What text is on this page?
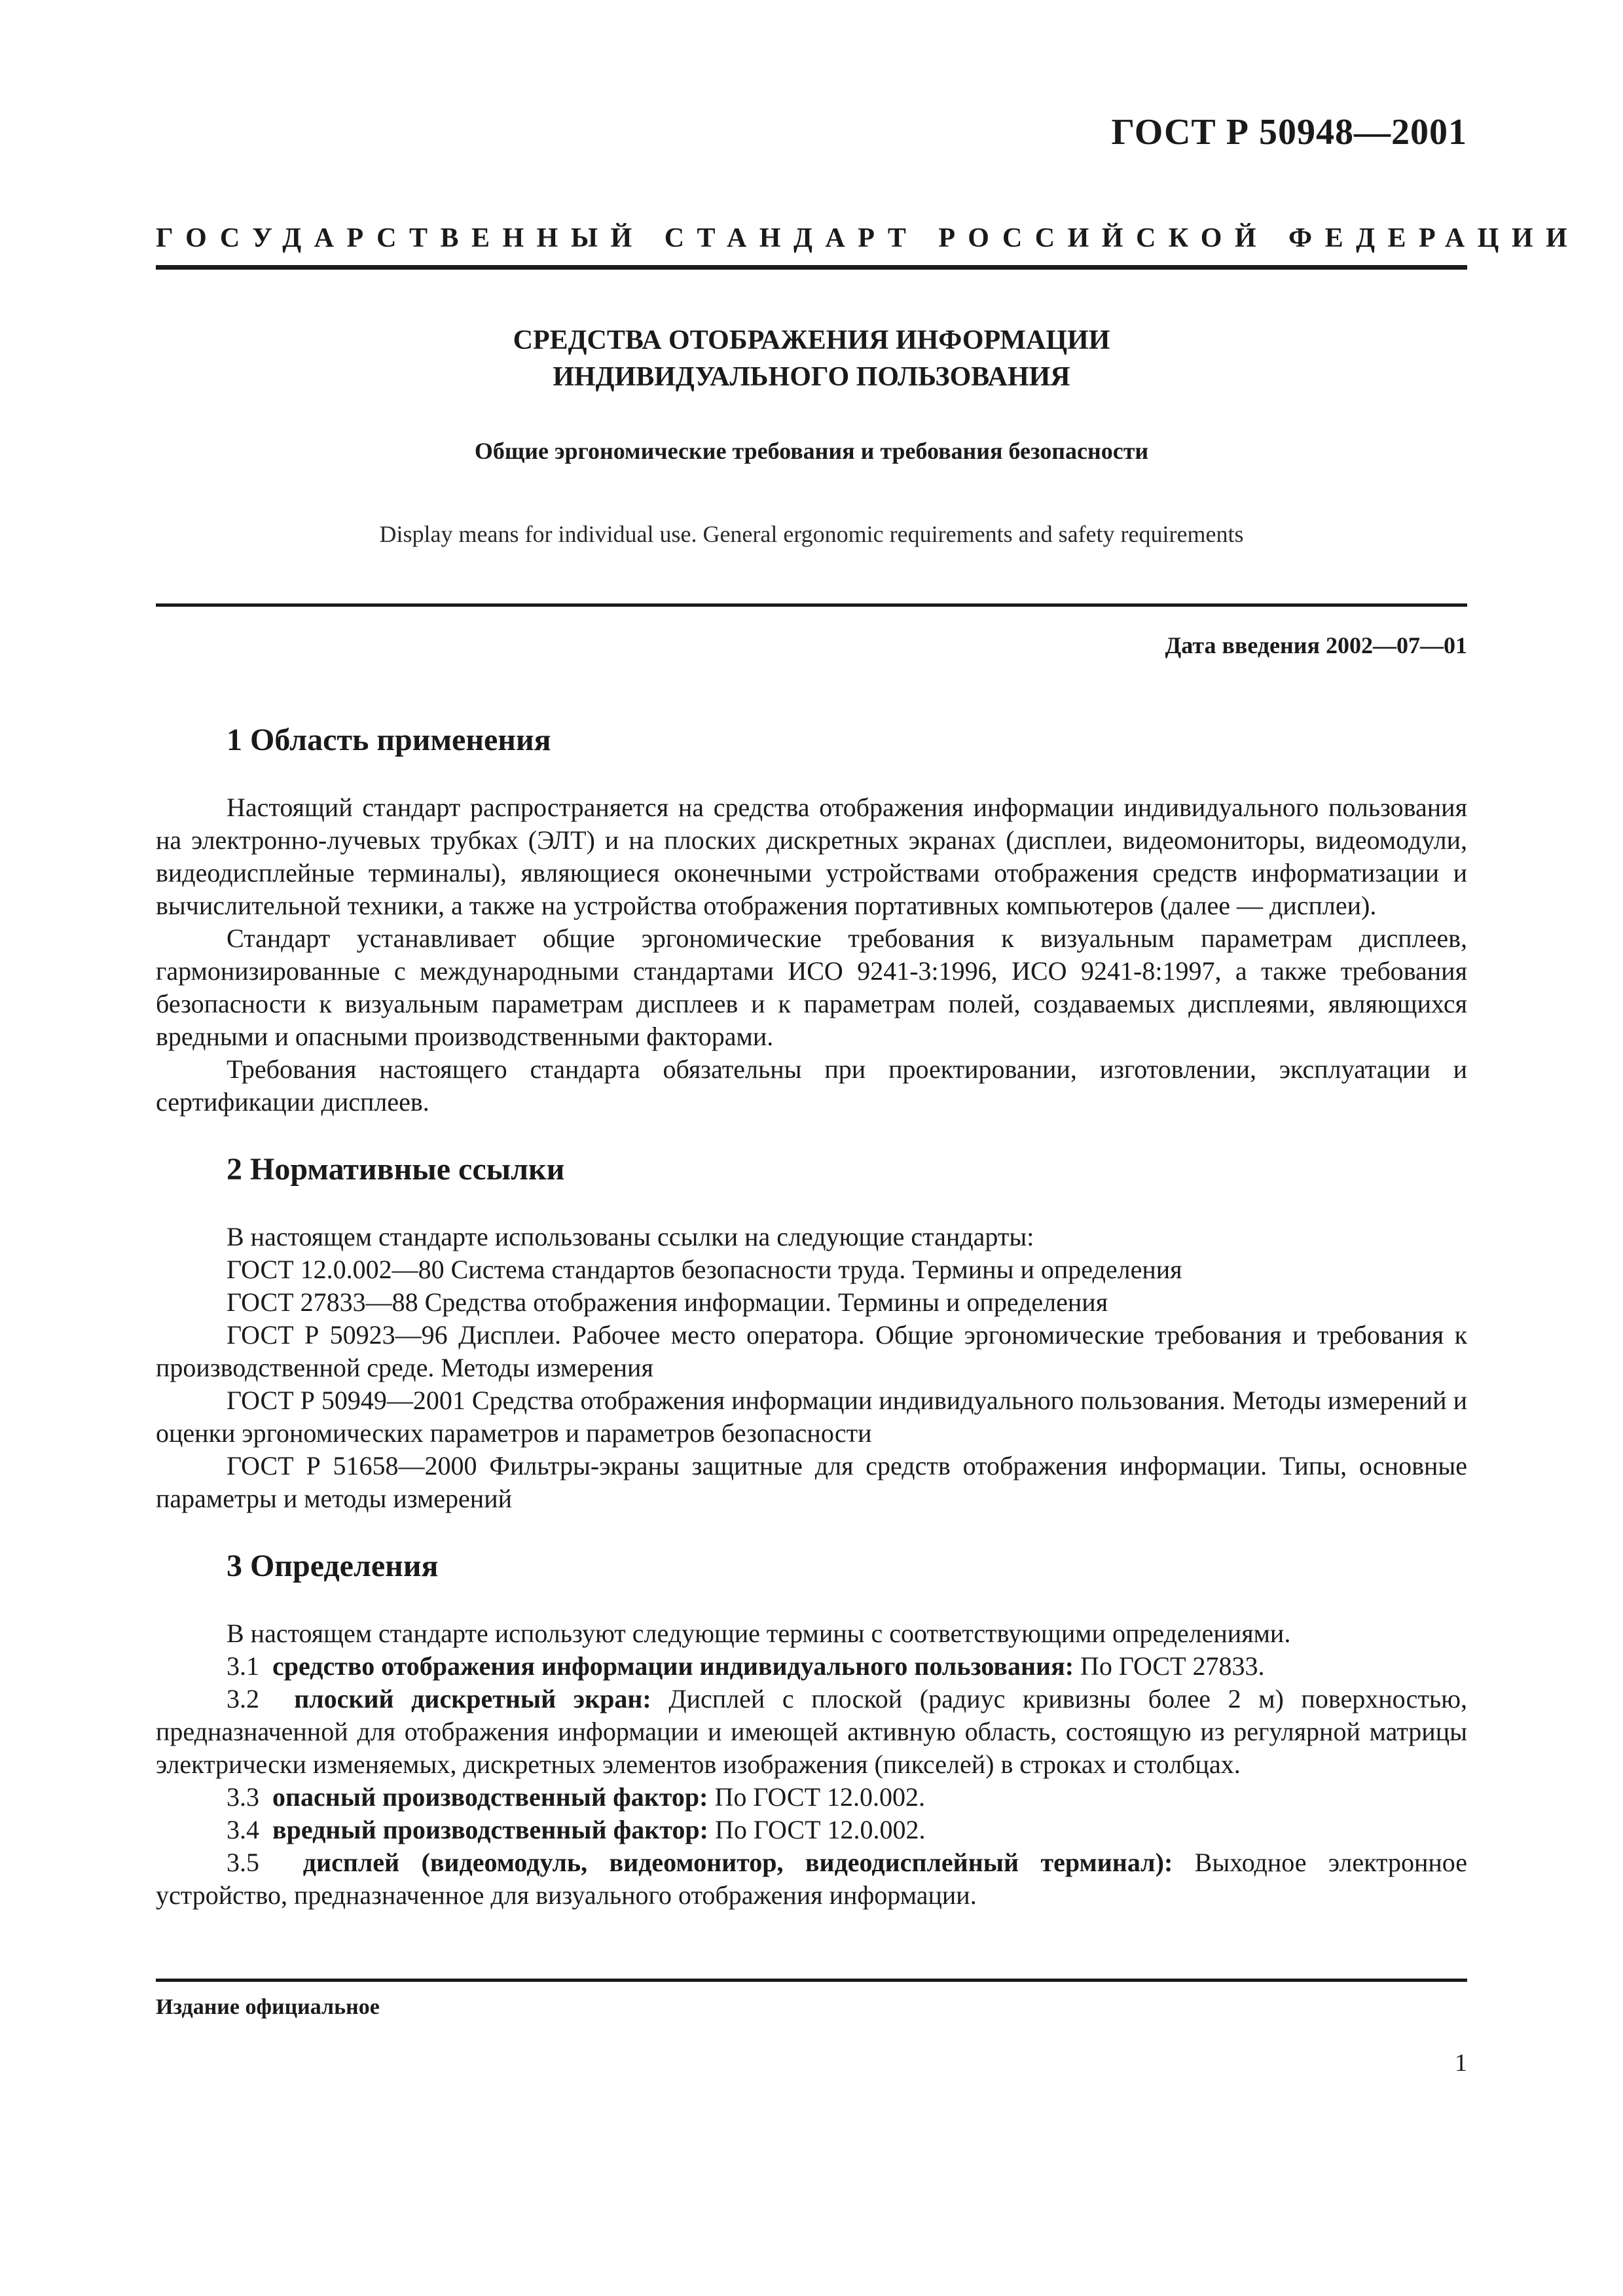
ГОСТ Р 50948—2001
ГОСУДАРСТВЕННЫЙ СТАНДАРТ РОССИЙСКОЙ ФЕДЕРАЦИИ
СРЕДСТВА ОТОБРАЖЕНИЯ ИНФОРМАЦИИ
ИНДИВИДУАЛЬНОГО ПОЛЬЗОВАНИЯ
Общие эргономические требования и требования безопасности
Display means for individual use. General ergonomic requirements and safety requirements
Дата введения 2002—07—01
1 Область применения

Настоящий стандарт распространяется на средства отображения информации индивидуального пользования на электронно-лучевых трубках (ЭЛТ) и на плоских дискретных экранах (дисплеи, видеомониторы, видеомодули, видеодисплейные терминалы), являющиеся оконечными устройствами отображения средств информатизации и вычислительной техники, а также на устройства отображения портативных компьютеров (далее — дисплеи).

Стандарт устанавливает общие эргономические требования к визуальным параметрам дисплеев, гармонизированные с международными стандартами ИСО 9241-3:1996, ИСО 9241-8:1997, а также требования безопасности к визуальным параметрам дисплеев и к параметрам полей, создаваемых дисплеями, являющихся вредными и опасными производственными факторами.

Требования настоящего стандарта обязательны при проектировании, изготовлении, эксплуатации и сертификации дисплеев.

2 Нормативные ссылки

В настоящем стандарте использованы ссылки на следующие стандарты:

ГОСТ 12.0.002—80 Система стандартов безопасности труда. Термины и определения

ГОСТ 27833—88 Средства отображения информации. Термины и определения

ГОСТ Р 50923—96 Дисплеи. Рабочее место оператора. Общие эргономические требования и требования к производственной среде. Методы измерения

ГОСТ Р 50949—2001 Средства отображения информации индивидуального пользования. Методы измерений и оценки эргономических параметров и параметров безопасности

ГОСТ Р 51658—2000 Фильтры-экраны защитные для средств отображения информации. Типы, основные параметры и методы измерений

3 Определения

В настоящем стандарте используют следующие термины с соответствующими определениями.

3.1 средство отображения информации индивидуального пользования: По ГОСТ 27833.

3.2 плоский дискретный экран: Дисплей с плоской (радиус кривизны более 2 м) поверхностью, предназначенной для отображения информации и имеющей активную область, состоящую из регулярной матрицы электрически изменяемых, дискретных элементов изображения (пикселей) в строках и столбцах.

3.3 опасный производственный фактор: По ГОСТ 12.0.002.

3.4 вредный производственный фактор: По ГОСТ 12.0.002.

3.5 дисплей (видеомодуль, видеомонитор, видеодисплейный терминал): Выходное электронное устройство, предназначенное для визуального отображения информации.

Издание официальное
1
